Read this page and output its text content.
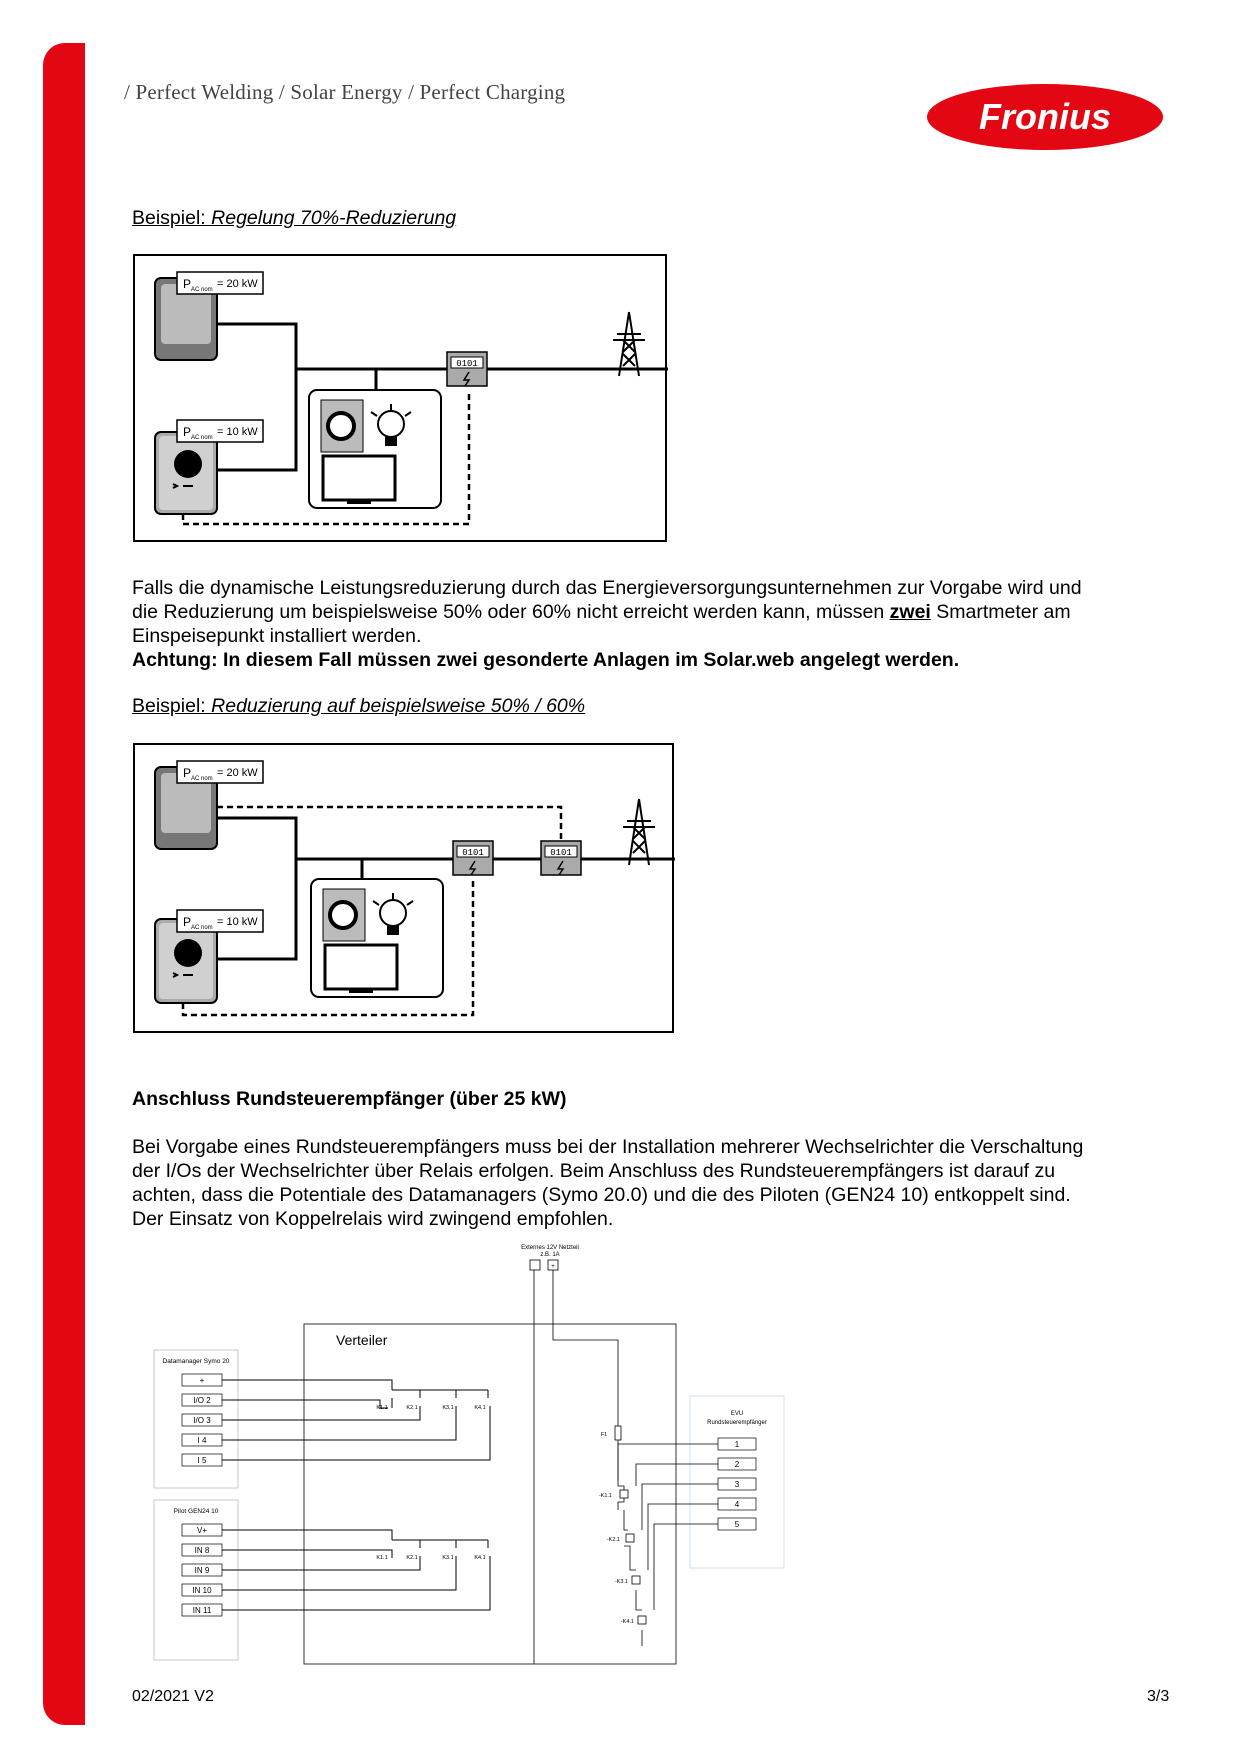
/ Perfect Welding / Solar Energy / Perfect Charging
Fronius
Beispiel: Regelung 70%-Reduzierung
P AC nom = 20 kW
P AC nom = 10 kW
0101
Falls die dynamische Leistungsreduzierung durch das Energieversorgungsunternehmen zur Vorgabe wird und
die Reduzierung um beispielsweise 50% oder 60% nicht erreicht werden kann, müssen zwei Smartmeter am
Einspeisepunkt installiert werden.
Achtung: In diesem Fall müssen zwei gesonderte Anlagen im Solar.web angelegt werden.
Beispiel: Reduzierung auf beispielsweise 50% / 60%
P AC nom = 20 kW
P AC nom = 10 kW
0101	0101
Anschluss Rundsteuerempfänger (über 25 kW)
Bei Vorgabe eines Rundsteuerempfängers muss bei der Installation mehrerer Wechselrichter die Verschaltung
der I/Os der Wechselrichter über Relais erfolgen. Beim Anschluss des Rundsteuerempfängers ist darauf zu
achten, dass die Potentiale des Datamanagers (Symo 20.0) und die des Piloten (GEN24 10) entkoppelt sind.
Der Einsatz von Koppelrelais wird zwingend empfohlen.
Externes 12V Netzteil
z.B. 1A
+
Verteiler
Datamanager Symo 20
+
I/O 2
I/O 3
I 4
I 5
Pilot GEN24 10
V+
IN 8
IN 9
IN 10
IN 11
K1.1	K2.1	K3.1	K4.1
K1.1	K2.1	K3.1	K4.1
F1
-K1.1
-K2.1
-K3.1
-K4.1
EVU
Rundsteuerempfänger
1
2
3
4
5
02/2021 V2	3/3
